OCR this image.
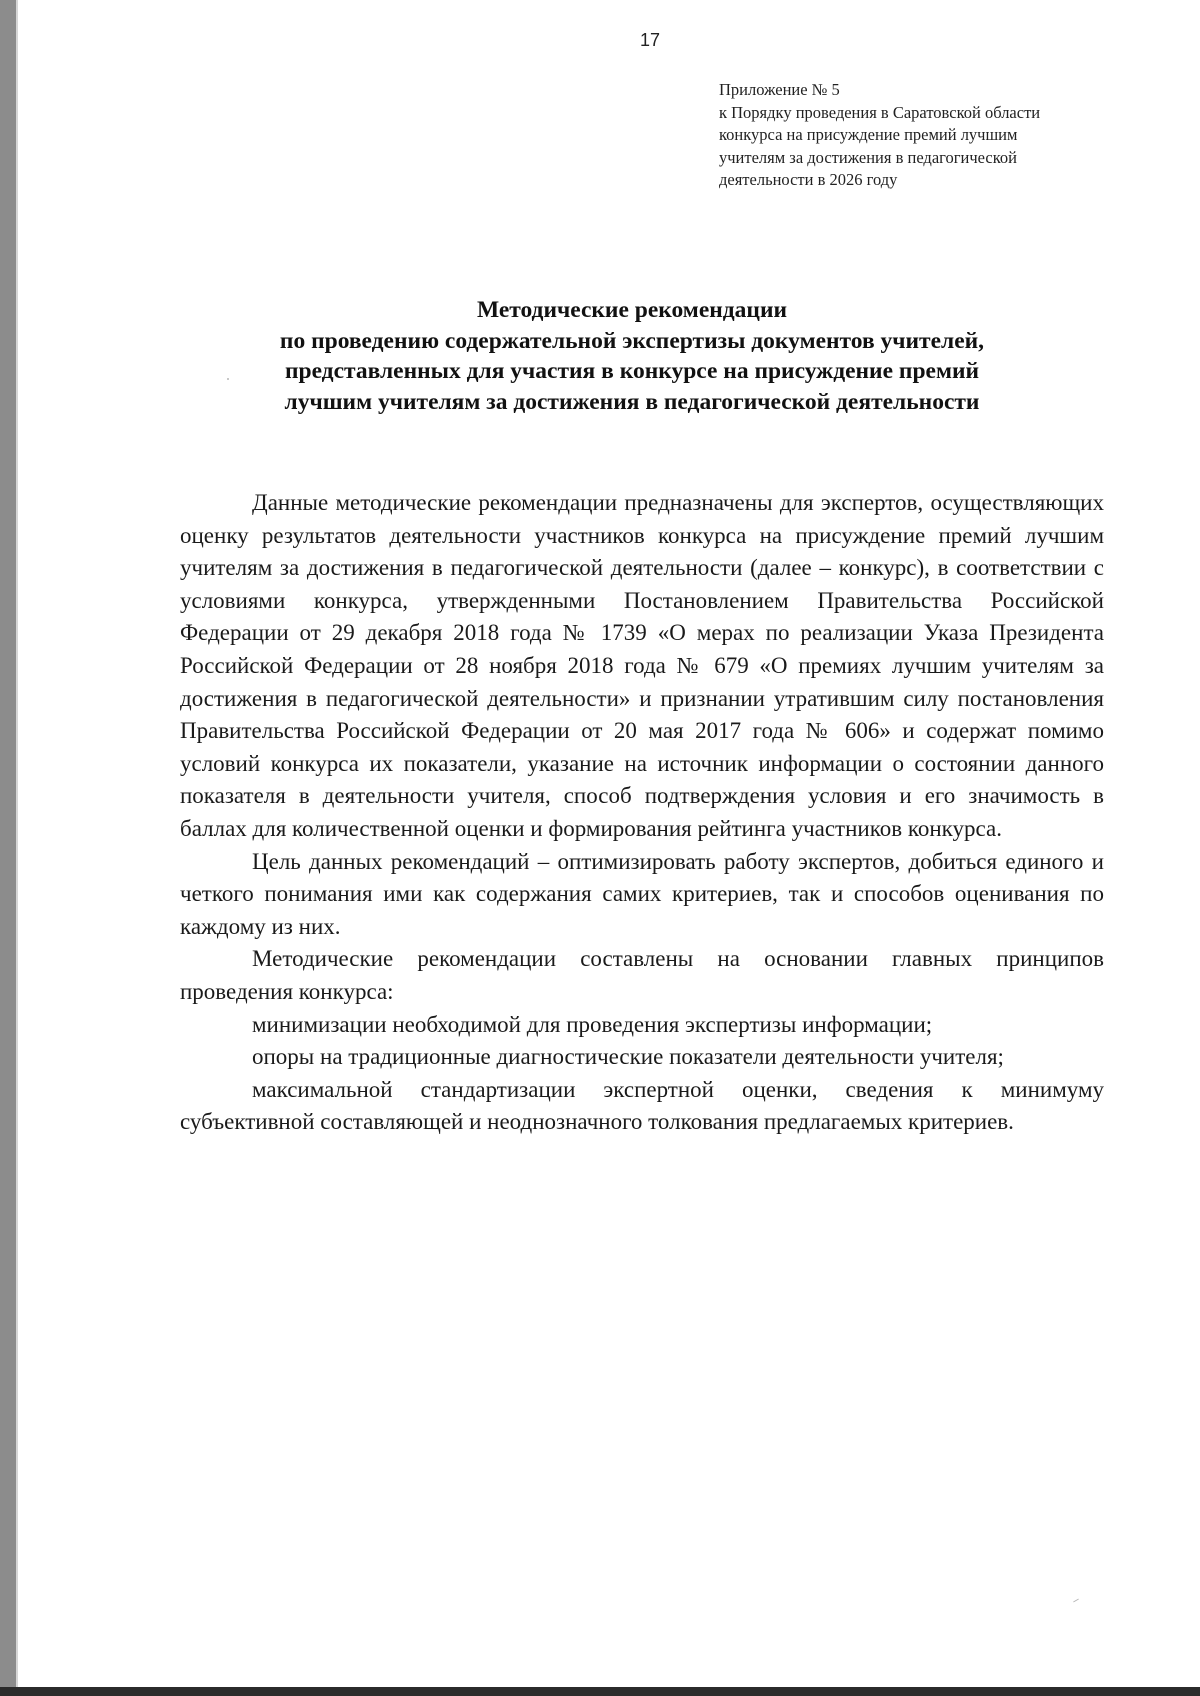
17
Приложение № 5
к Порядку проведения в Саратовской области
конкурса на присуждение премий лучшим
учителям за достижения в педагогической
деятельности в 2026 году
Методические рекомендации
по проведению содержательной экспертизы документов учителей,
представленных для участия в конкурсе на присуждение премий
лучшим учителям за достижения в педагогической деятельности

Данные методические рекомендации предназначены для экспертов, осуществляющих оценку результатов деятельности участников конкурса на присуждение премий лучшим учителям за достижения в педагогической деятельности (далее – конкурс), в соответствии с условиями конкурса, утвержденными Постановлением Правительства Российской Федерации от 29 декабря 2018 года № 1739 «О мерах по реализации Указа Президента Российской Федерации от 28 ноября 2018 года № 679 «О премиях лучшим учителям за достижения в педагогической деятельности» и признании утратившим силу постановления Правительства Российской Федерации от 20 мая 2017 года № 606» и содержат помимо условий конкурса их показатели, указание на источник информации о состоянии данного показателя в деятельности учителя, способ подтверждения условия и его значимость в баллах для количественной оценки и формирования рейтинга участников конкурса.

Цель данных рекомендаций – оптимизировать работу экспертов, добиться единого и четкого понимания ими как содержания самих критериев, так и способов оценивания по каждому из них.

Методические рекомендации составлены на основании главных принципов проведения конкурса:

минимизации необходимой для проведения экспертизы информации;

опоры на традиционные диагностические показатели деятельности учителя;

максимальной стандартизации экспертной оценки, сведения к минимуму субъективной составляющей и неоднозначного толкования предлагаемых критериев.
